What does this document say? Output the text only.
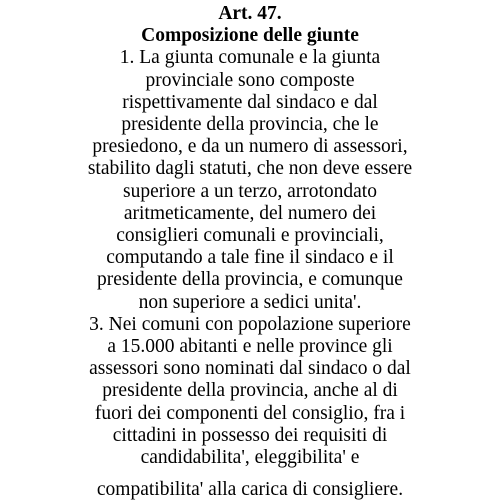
Art. 47.
Composizione delle giunte
1. La giunta comunale e la giunta
provinciale sono composte
rispettivamente dal sindaco e dal
presidente della provincia, che le
presiedono, e da un numero di assessori,
stabilito dagli statuti, che non deve essere
superiore a un terzo, arrotondato
aritmeticamente, del numero dei
consiglieri comunali e provinciali,
computando a tale fine il sindaco e il
presidente della provincia, e comunque
non superiore a sedici unita'.
3. Nei comuni con popolazione superiore
a 15.000 abitanti e nelle province gli
assessori sono nominati dal sindaco o dal
presidente della provincia, anche al di
fuori dei componenti del consiglio, fra i
cittadini in possesso dei requisiti di
candidabilita', eleggibilita' e
compatibilita' alla carica di consigliere.
